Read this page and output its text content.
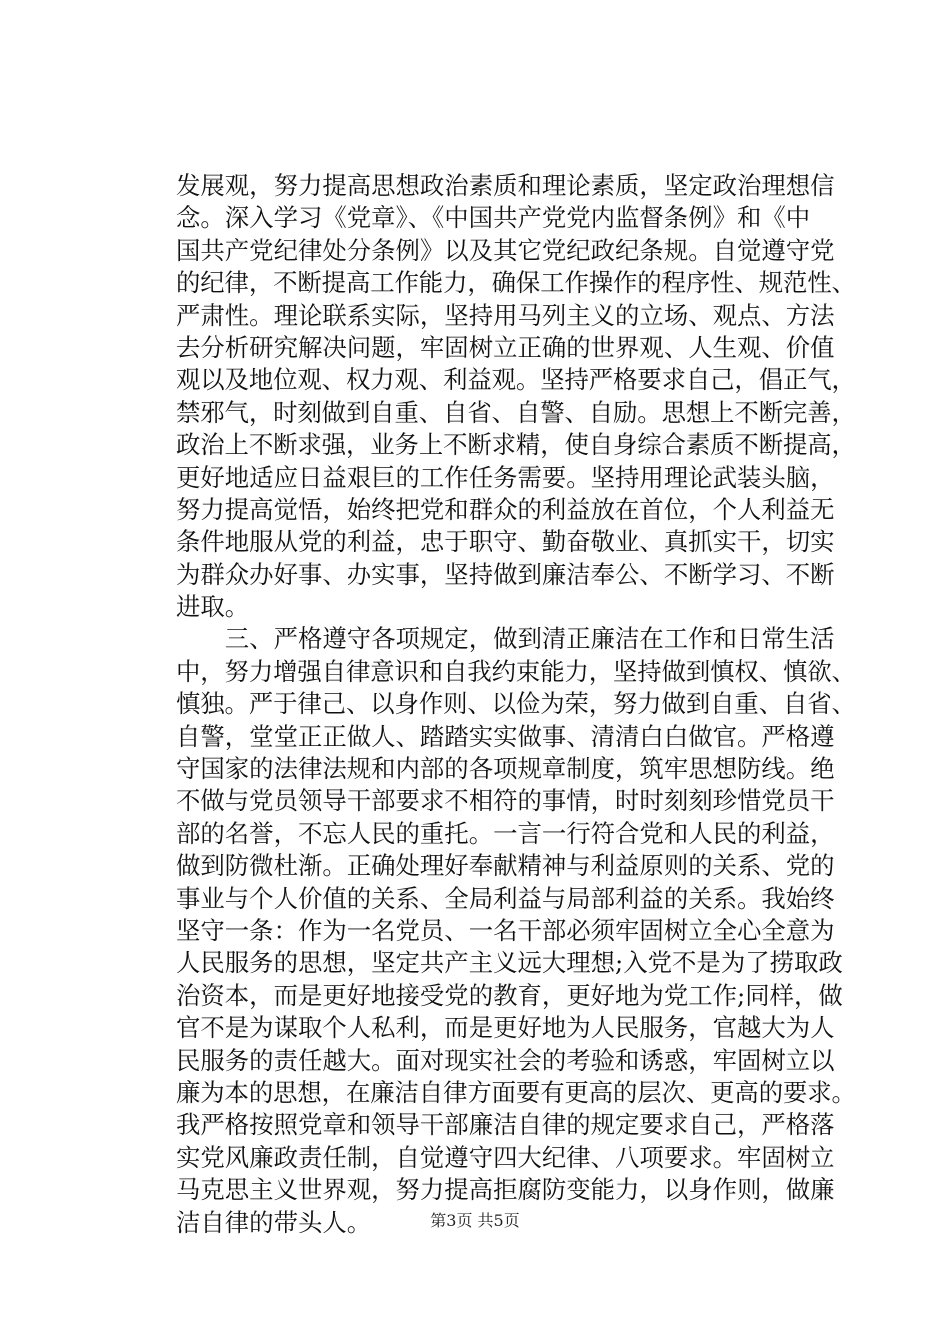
发展观，努力提高思想政治素质和理论素质，坚定政治理想信
念。深入学习《党章》、《中国共产党党内监督条例》和《中
国共产党纪律处分条例》以及其它党纪政纪条规。自觉遵守党
的纪律，不断提高工作能力，确保工作操作的程序性、规范性、
严肃性。理论联系实际，坚持用马列主义的立场、观点、方法
去分析研究解决问题，牢固树立正确的世界观、人生观、价值
观以及地位观、权力观、利益观。坚持严格要求自己，倡正气，
禁邪气，时刻做到自重、自省、自警、自励。思想上不断完善，
政治上不断求强，业务上不断求精，使自身综合素质不断提高，
更好地适应日益艰巨的工作任务需要。坚持用理论武装头脑，
努力提高觉悟，始终把党和群众的利益放在首位，个人利益无
条件地服从党的利益，忠于职守、勤奋敬业、真抓实干，切实
为群众办好事、办实事，坚持做到廉洁奉公、不断学习、不断
进取。
　　三、严格遵守各项规定，做到清正廉洁在工作和日常生活
中，努力增强自律意识和自我约束能力，坚持做到慎权、慎欲、
慎独。严于律己、以身作则、以俭为荣，努力做到自重、自省、
自警，堂堂正正做人、踏踏实实做事、清清白白做官。严格遵
守国家的法律法规和内部的各项规章制度，筑牢思想防线。绝
不做与党员领导干部要求不相符的事情，时时刻刻珍惜党员干
部的名誉，不忘人民的重托。一言一行符合党和人民的利益，
做到防微杜渐。正确处理好奉献精神与利益原则的关系、党的
事业与个人价值的关系、全局利益与局部利益的关系。我始终
坚守一条：作为一名党员、一名干部必须牢固树立全心全意为
人民服务的思想，坚定共产主义远大理想;入党不是为了捞取政
治资本，而是更好地接受党的教育，更好地为党工作;同样，做
官不是为谋取个人私利，而是更好地为人民服务，官越大为人
民服务的责任越大。面对现实社会的考验和诱惑，牢固树立以
廉为本的思想，在廉洁自律方面要有更高的层次、更高的要求。
我严格按照党章和领导干部廉洁自律的规定要求自己，严格落
实党风廉政责任制，自觉遵守四大纪律、八项要求。牢固树立
马克思主义世界观，努力提高拒腐防变能力，以身作则，做廉
洁自律的带头人。	第3页 共5页
